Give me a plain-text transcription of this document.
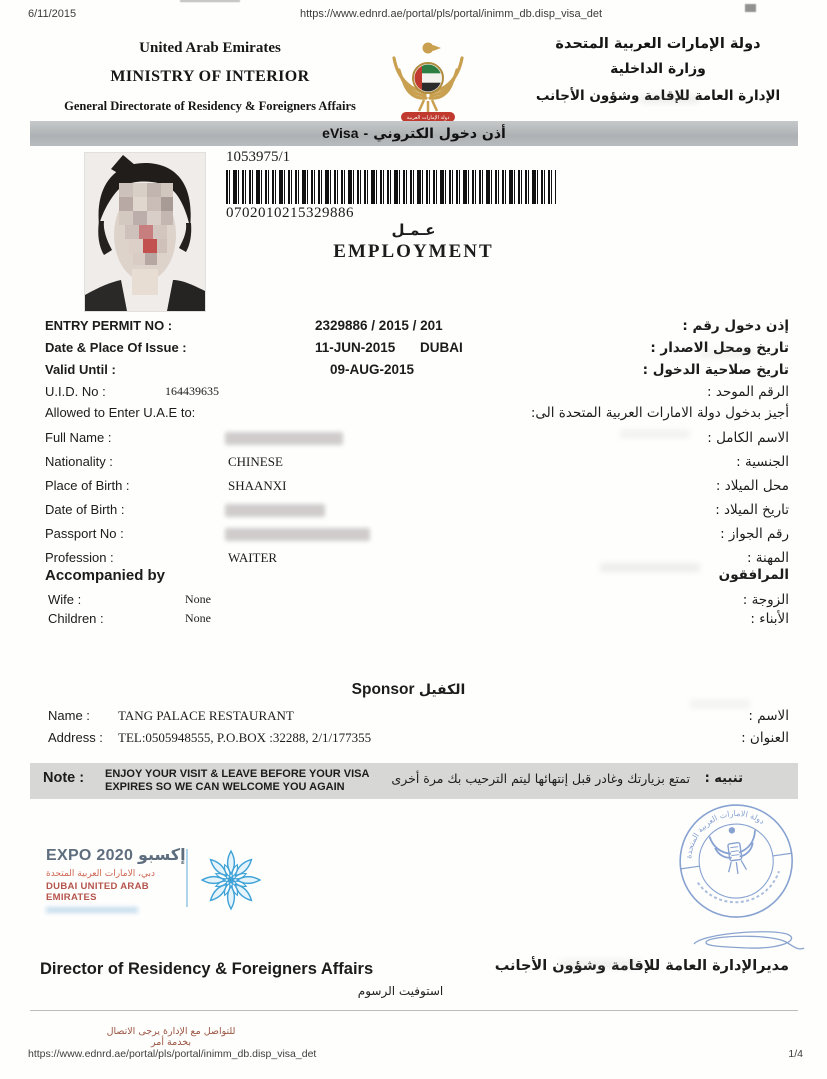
6/11/2015	https://www.ednrd.ae/portal/pls/portal/inimm_db.disp_visa_det
United Arab Emirates
MINISTRY OF INTERIOR
General Directorate of Residency & Foreigners Affairs
دولة الإمارات العربية المتحدة
وزارة الداخلية
الإدارة العامة للإقامة وشؤون الأجانب
دولة الإمارات العربية
eVisa - أذن دخول الكتروني
1053975/1
0702010215329886
عـمـل
EMPLOYMENT
ENTRY PERMIT NO :	2329886 / 2015 / 201	إذن دخول رقم :
Date & Place Of Issue :	11-JUN-2015 DUBAI	تاريخ ومحل الاصدار :
Valid Until :	09-AUG-2015	تاريخ صلاحية الدخول :
U.I.D. No :	164439635	الرقم الموحد :
Allowed to Enter U.A.E to:	أجيز بدخول دولة الامارات العربية المتحدة الى:
Full Name :	الاسم الكامل :
Nationality :	CHINESE	الجنسية :
Place of Birth :	SHAANXI	محل الميلاد :
Date of Birth :	تاريخ الميلاد :
Passport No :	رقم الجواز :
Profession :	WAITER	المهنة :
Accompanied by	المرافقون
Wife :	None	الزوجة :
Children :	None	الأبناء :
Sponsor الكفيل
Name : TANG PALACE RESTAURANT	الاسم :
Address : TEL:0505948555, P.O.BOX :32288, 2/1/177355	العنوان :
Note : ENJOY YOUR VISIT & LEAVE BEFORE YOUR VISA
EXPIRES SO WE CAN WELCOME YOU AGAIN
تمتع بزيارتك وغادر قبل إنتهائها ليتم الترحيب بك مرة أخرى تنبيه :
EXPO 2020 إكسبو
دبي، الامارات العربية المتحدة
DUBAI UNITED ARAB EMIRATES
دولة الامارات العربية المتحدة
Director of Residency & Foreigners Affairs	مديرالإدارة العامة للإقامة وشؤون الأجانب
استوفيت الرسوم
للتواصل مع الإدارة يرجى الاتصال بخدمة أمر
https://www.ednrd.ae/portal/pls/portal/inimm_db.disp_visa_det	1/4
